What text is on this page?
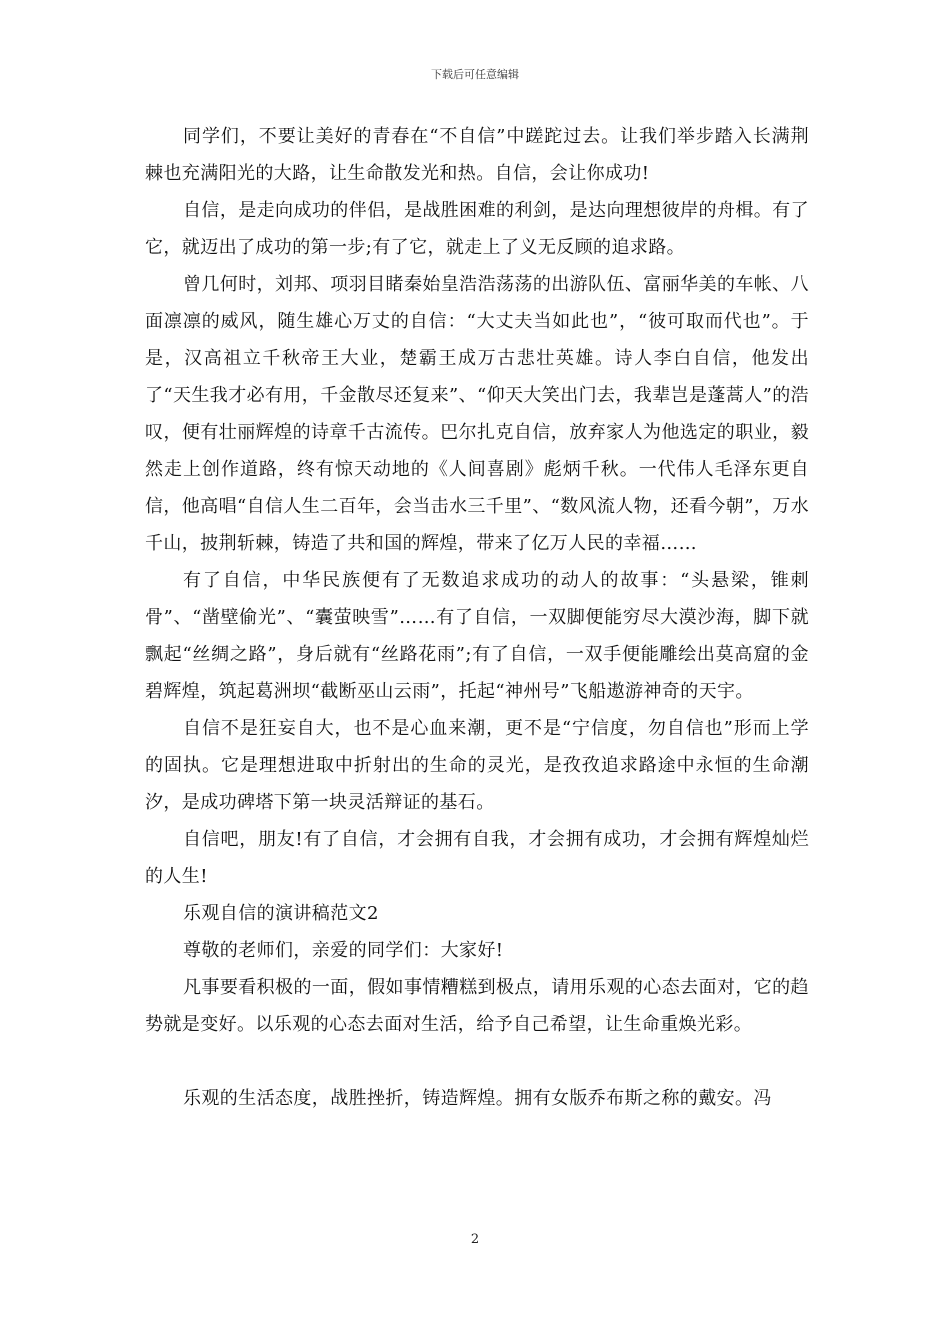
下载后可任意编辑

同学们，不要让美好的青春在“不自信”中蹉跎过去。让我们举步踏入长满荆棘也充满阳光的大路，让生命散发光和热。自信，会让你成功!

自信，是走向成功的伴侣，是战胜困难的利剑，是达向理想彼岸的舟楫。有了它，就迈出了成功的第一步;有了它，就走上了义无反顾的追求路。

曾几何时，刘邦、项羽目睹秦始皇浩浩荡荡的出游队伍、富丽华美的车帐、八面凛凛的威风，随生雄心万丈的自信：“大丈夫当如此也”，“彼可取而代也”。于是，汉高祖立千秋帝王大业，楚霸王成万古悲壮英雄。诗人李白自信，他发出了“天生我才必有用，千金散尽还复来”、“仰天大笑出门去，我辈岂是蓬蒿人”的浩叹，便有壮丽辉煌的诗章千古流传。巴尔扎克自信，放弃家人为他选定的职业，毅然走上创作道路，终有惊天动地的《人间喜剧》彪炳千秋。一代伟人毛泽东更自信，他高唱“自信人生二百年，会当击水三千里”、“数风流人物，还看今朝”，万水千山，披荆斩棘，铸造了共和国的辉煌，带来了亿万人民的幸福……

有了自信，中华民族便有了无数追求成功的动人的故事：“头悬梁，锥刺骨”、“凿壁偷光”、“囊萤映雪”……有了自信，一双脚便能穷尽大漠沙海，脚下就飘起“丝绸之路”，身后就有“丝路花雨”;有了自信，一双手便能雕绘出莫高窟的金碧辉煌，筑起葛洲坝“截断巫山云雨”，托起“神州号”飞船遨游神奇的天宇。

自信不是狂妄自大，也不是心血来潮，更不是“宁信度，勿自信也”形而上学的固执。它是理想进取中折射出的生命的灵光，是孜孜追求路途中永恒的生命潮汐，是成功碑塔下第一块灵活辩证的基石。

自信吧，朋友!有了自信，才会拥有自我，才会拥有成功，才会拥有辉煌灿烂的人生!

乐观自信的演讲稿范文2

尊敬的老师们，亲爱的同学们：大家好!

凡事要看积极的一面，假如事情糟糕到极点，请用乐观的心态去面对，它的趋势就是变好。以乐观的心态去面对生活，给予自己希望，让生命重焕光彩。

乐观的生活态度，战胜挫折，铸造辉煌。拥有女版乔布斯之称的戴安。冯

2
